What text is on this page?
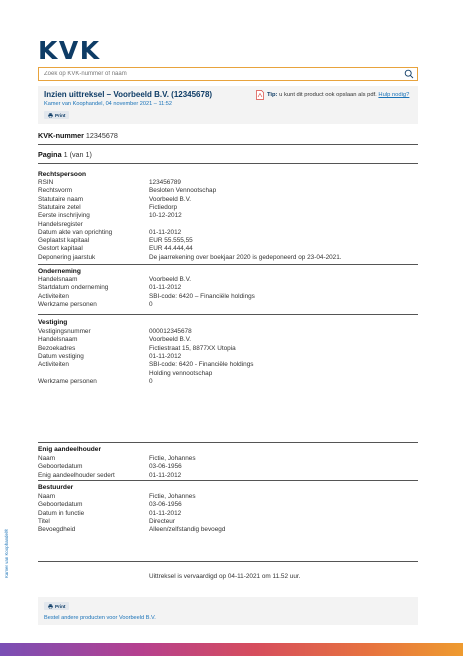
KVK
Zoek op KVK-nummer of naam
Inzien uittreksel – Voorbeeld B.V. (12345678)
Kamer van Koophandel, 04 november 2021 – 11:52
Tip: u kunt dit product ook opslaan als pdf. Hulp nodig?
Print
KVK-nummer 12345678
Pagina 1 (van 1)
Rechtspersoon
RSIN	123456789
Rechtsvorm	Besloten Vennootschap
Statutaire naam	Voorbeeld B.V.
Statutaire zetel	Fictiedorp
Eerste inschrijving	10-12-2012
Handelsregister
Datum akte van oprichting	01-11-2012
Geplaatst kapitaal	EUR 55.555,55
Gestort kapitaal	EUR 44.444,44
Deponering jaarstuk	De jaarrekening over boekjaar 2020 is gedeponeerd op 23-04-2021.
Onderneming
Handelsnaam	Voorbeeld B.V.
Startdatum onderneming	01-11-2012
Activiteiten	SBI-code: 6420 – Financiële holdings
Werkzame personen	0
Vestiging
Vestigingsnummer	000012345678
Handelsnaam	Voorbeeld B.V.
Bezoekadres	Fictiestraat 15, 8877XX Utopia
Datum vestiging	01-11-2012
Activiteiten	SBI-code: 6420 - Financiële holdings
Holding vennootschap
Werkzame personen	0
Enig aandeelhouder
Naam	Fictie, Johannes
Geboortedatum	03-06-1956
Enig aandeelhouder sedert	01-11-2012
Bestuurder
Naam	Fictie, Johannes
Geboortedatum	03-06-1956
Datum in functie	01-11-2012
Titel	Directeur
Bevoegdheid	Alleen/zelfstandig bevoegd
Uittreksel is vervaardigd op 04-11-2021 om 11.52 uur.
Print
Bestel andere producten voor Voorbeeld B.V.
Kamer van Koophandel®
